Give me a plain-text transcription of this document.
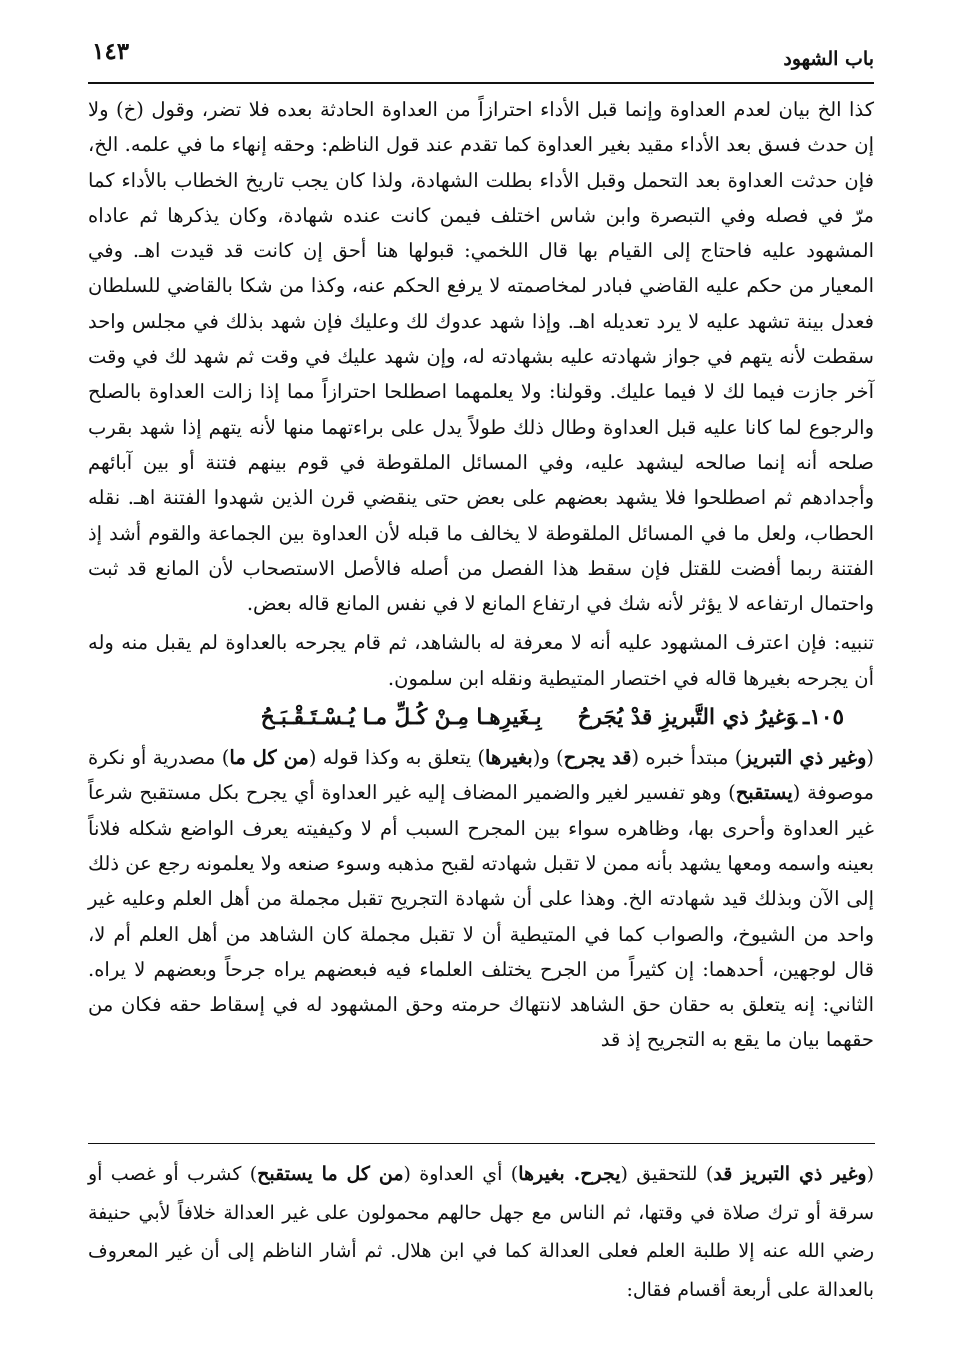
باب الشهود
١٤٣

كذا الخ بيان لعدم العداوة وإنما قبل الأداء احترازاً من العداوة الحادثة بعده فلا تضر، وقول (خ) ولا إن حدث فسق بعد الأداء مقيد بغير العداوة كما تقدم عند قول الناظم: وحقه إنهاء ما في علمه. الخ، فإن حدثت العداوة بعد التحمل وقبل الأداء بطلت الشهادة، ولذا كان يجب تاريخ الخطاب بالأداء كما مرّ في فصله وفي التبصرة وابن شاس اختلف فيمن كانت عنده شهادة، وكان يذكرها ثم عاداه المشهود عليه فاحتاج إلى القيام بها قال اللخمي: قبولها هنا أحق إن كانت قد قيدت اهـ. وفي المعيار من حكم عليه القاضي فبادر لمخاصمته لا يرفع الحكم عنه، وكذا من شكا بالقاضي للسلطان فعدل بينة تشهد عليه لا يرد تعديله اهـ. وإذا شهد عدوك لك وعليك فإن شهد بذلك في مجلس واحد سقطت لأنه يتهم في جواز شهادته عليه بشهادته له، وإن شهد عليك في وقت ثم شهد لك في وقت آخر جازت فيما لك لا فيما عليك. وقولنا: ولا يعلمهما اصطلحا احترازاً مما إذا زالت العداوة بالصلح والرجوع لما كانا عليه قبل العداوة وطال ذلك طولاً يدل على براءتهما منها لأنه يتهم إذا شهد بقرب صلحه أنه إنما صالحه ليشهد عليه، وفي المسائل الملقوطة في قوم بينهم فتنة أو بين آبائهم وأجدادهم ثم اصطلحوا فلا يشهد بعضهم على بعض حتى ينقضي قرن الذين شهدوا الفتنة اهـ. نقله الحطاب، ولعل ما في المسائل الملقوطة لا يخالف ما قبله لأن العداوة بين الجماعة والقوم أشد إذ الفتنة ربما أفضت للقتل فإن سقط هذا الفصل من أصله فالأصل الاستصحاب لأن المانع قد ثبت واحتمال ارتفاعه لا يؤثر لأنه شك في ارتفاع المانع لا في نفس المانع قاله بعض.

تنبيه: فإن اعترف المشهود عليه أنه لا معرفة له بالشاهد، ثم قام يجرحه بالعداوة لم يقبل منه وله أن يجرحه بغيرها قاله في اختصار المتيطية ونقله ابن سلمون.

١٠٥ـوَغيرُ ذي التَّبريزِ قدْ يُجَرحُبِـغَيرِهـا مِـنْ كُـلِّ مـا يُـسْـتَـقْـبَـحُ

(وغير ذي التبريز) مبتدأ خبره (قد يجرح) و(بغيرها) يتعلق به وكذا قوله (من كل ما) مصدرية أو نكرة موصوفة (يستقبح) وهو تفسير لغير والضمير المضاف إليه غير العداوة أي يجرح بكل مستقبح شرعاً غير العداوة وأحرى بها، وظاهره سواء بين المجرح السبب أم لا وكيفيته يعرف الواضع شكله فلاناً بعينه واسمه ومعها يشهد بأنه ممن لا تقبل شهادته لقبح مذهبه وسوء صنعه ولا يعلمونه رجع عن ذلك إلى الآن وبذلك قيد شهادته الخ. وهذا على أن شهادة التجريح تقبل مجملة من أهل العلم وعليه غير واحد من الشيوخ، والصواب كما في المتيطية أن لا تقبل مجملة كان الشاهد من أهل العلم أم لا، قال لوجهين، أحدهما: إن كثيراً من الجرح يختلف العلماء فيه فبعضهم يراه جرحاً وبعضهم لا يراه. الثاني: إنه يتعلق به حقان حق الشاهد لانتهاك حرمته وحق المشهود له في إسقاط حقه فكان من حقهما بيان ما يقع به التجريح إذ قد

(وغير ذي التبريز قد) للتحقيق (يجرح. بغيرها) أي العداوة (من كل ما يستقبح) كشرب أو غصب أو سرقة أو ترك صلاة في وقتها، ثم الناس مع جهل حالهم محمولون على غير العدالة خلافاً لأبي حنيفة رضي الله عنه إلا طلبة العلم فعلى العدالة كما في ابن هلال. ثم أشار الناظم إلى أن غير المعروف بالعدالة على أربعة أقسام فقال:
